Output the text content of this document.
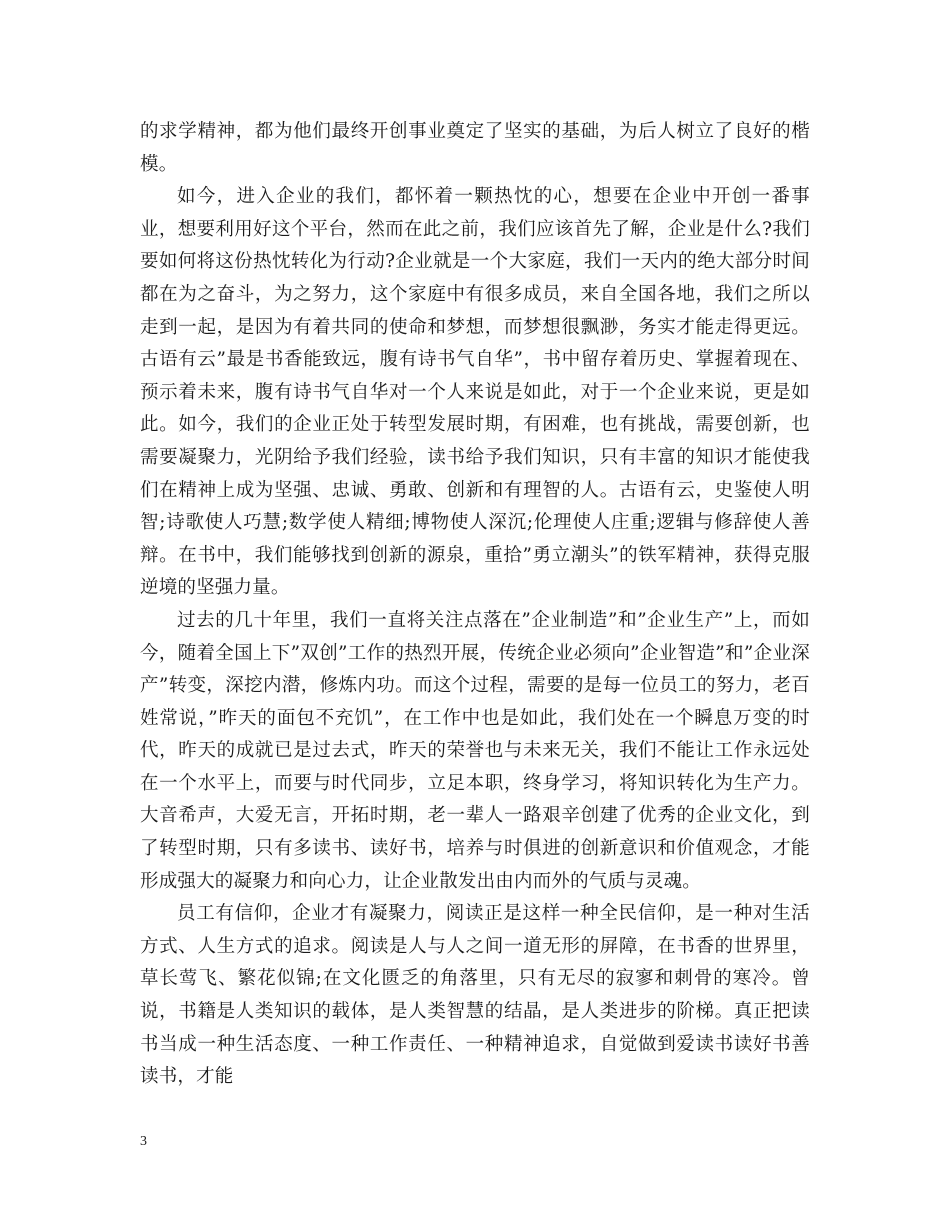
的求学精神，都为他们最终开创事业奠定了坚实的基础，为后人树立了良好的楷模。

如今，进入企业的我们，都怀着一颗热忱的心，想要在企业中开创一番事业，想要利用好这个平台，然而在此之前，我们应该首先了解，企业是什么?我们要如何将这份热忱转化为行动?企业就是一个大家庭，我们一天内的绝大部分时间都在为之奋斗，为之努力，这个家庭中有很多成员，来自全国各地，我们之所以走到一起，是因为有着共同的使命和梦想，而梦想很飘渺，务实才能走得更远。古语有云”最是书香能致远，腹有诗书气自华”，书中留存着历史、掌握着现在、预示着未来，腹有诗书气自华对一个人来说是如此，对于一个企业来说，更是如此。如今，我们的企业正处于转型发展时期，有困难，也有挑战，需要创新，也需要凝聚力，光阴给予我们经验，读书给予我们知识，只有丰富的知识才能使我们在精神上成为坚强、忠诚、勇敢、创新和有理智的人。古语有云，史鉴使人明智;诗歌使人巧慧;数学使人精细;博物使人深沉;伦理使人庄重;逻辑与修辞使人善辩。在书中，我们能够找到创新的源泉，重拾”勇立潮头”的铁军精神，获得克服逆境的坚强力量。

过去的几十年里，我们一直将关注点落在”企业制造”和”企业生产”上，而如今，随着全国上下”双创”工作的热烈开展，传统企业必须向”企业智造”和”企业深产”转变，深挖内潜，修炼内功。而这个过程，需要的是每一位员工的努力，老百姓常说，”昨天的面包不充饥”，在工作中也是如此，我们处在一个瞬息万变的时代，昨天的成就已是过去式，昨天的荣誉也与未来无关，我们不能让工作永远处在一个水平上，而要与时代同步，立足本职，终身学习，将知识转化为生产力。大音希声，大爱无言，开拓时期，老一辈人一路艰辛创建了优秀的企业文化，到了转型时期，只有多读书、读好书，培养与时俱进的创新意识和价值观念，才能形成强大的凝聚力和向心力，让企业散发出由内而外的气质与灵魂。

员工有信仰，企业才有凝聚力，阅读正是这样一种全民信仰，是一种对生活方式、人生方式的追求。阅读是人与人之间一道无形的屏障，在书香的世界里，草长莺飞、繁花似锦;在文化匮乏的角落里，只有无尽的寂寥和刺骨的寒冷。曾说，书籍是人类知识的载体，是人类智慧的结晶，是人类进步的阶梯。真正把读书当成一种生活态度、一种工作责任、一种精神追求，自觉做到爱读书读好书善读书，才能

3
